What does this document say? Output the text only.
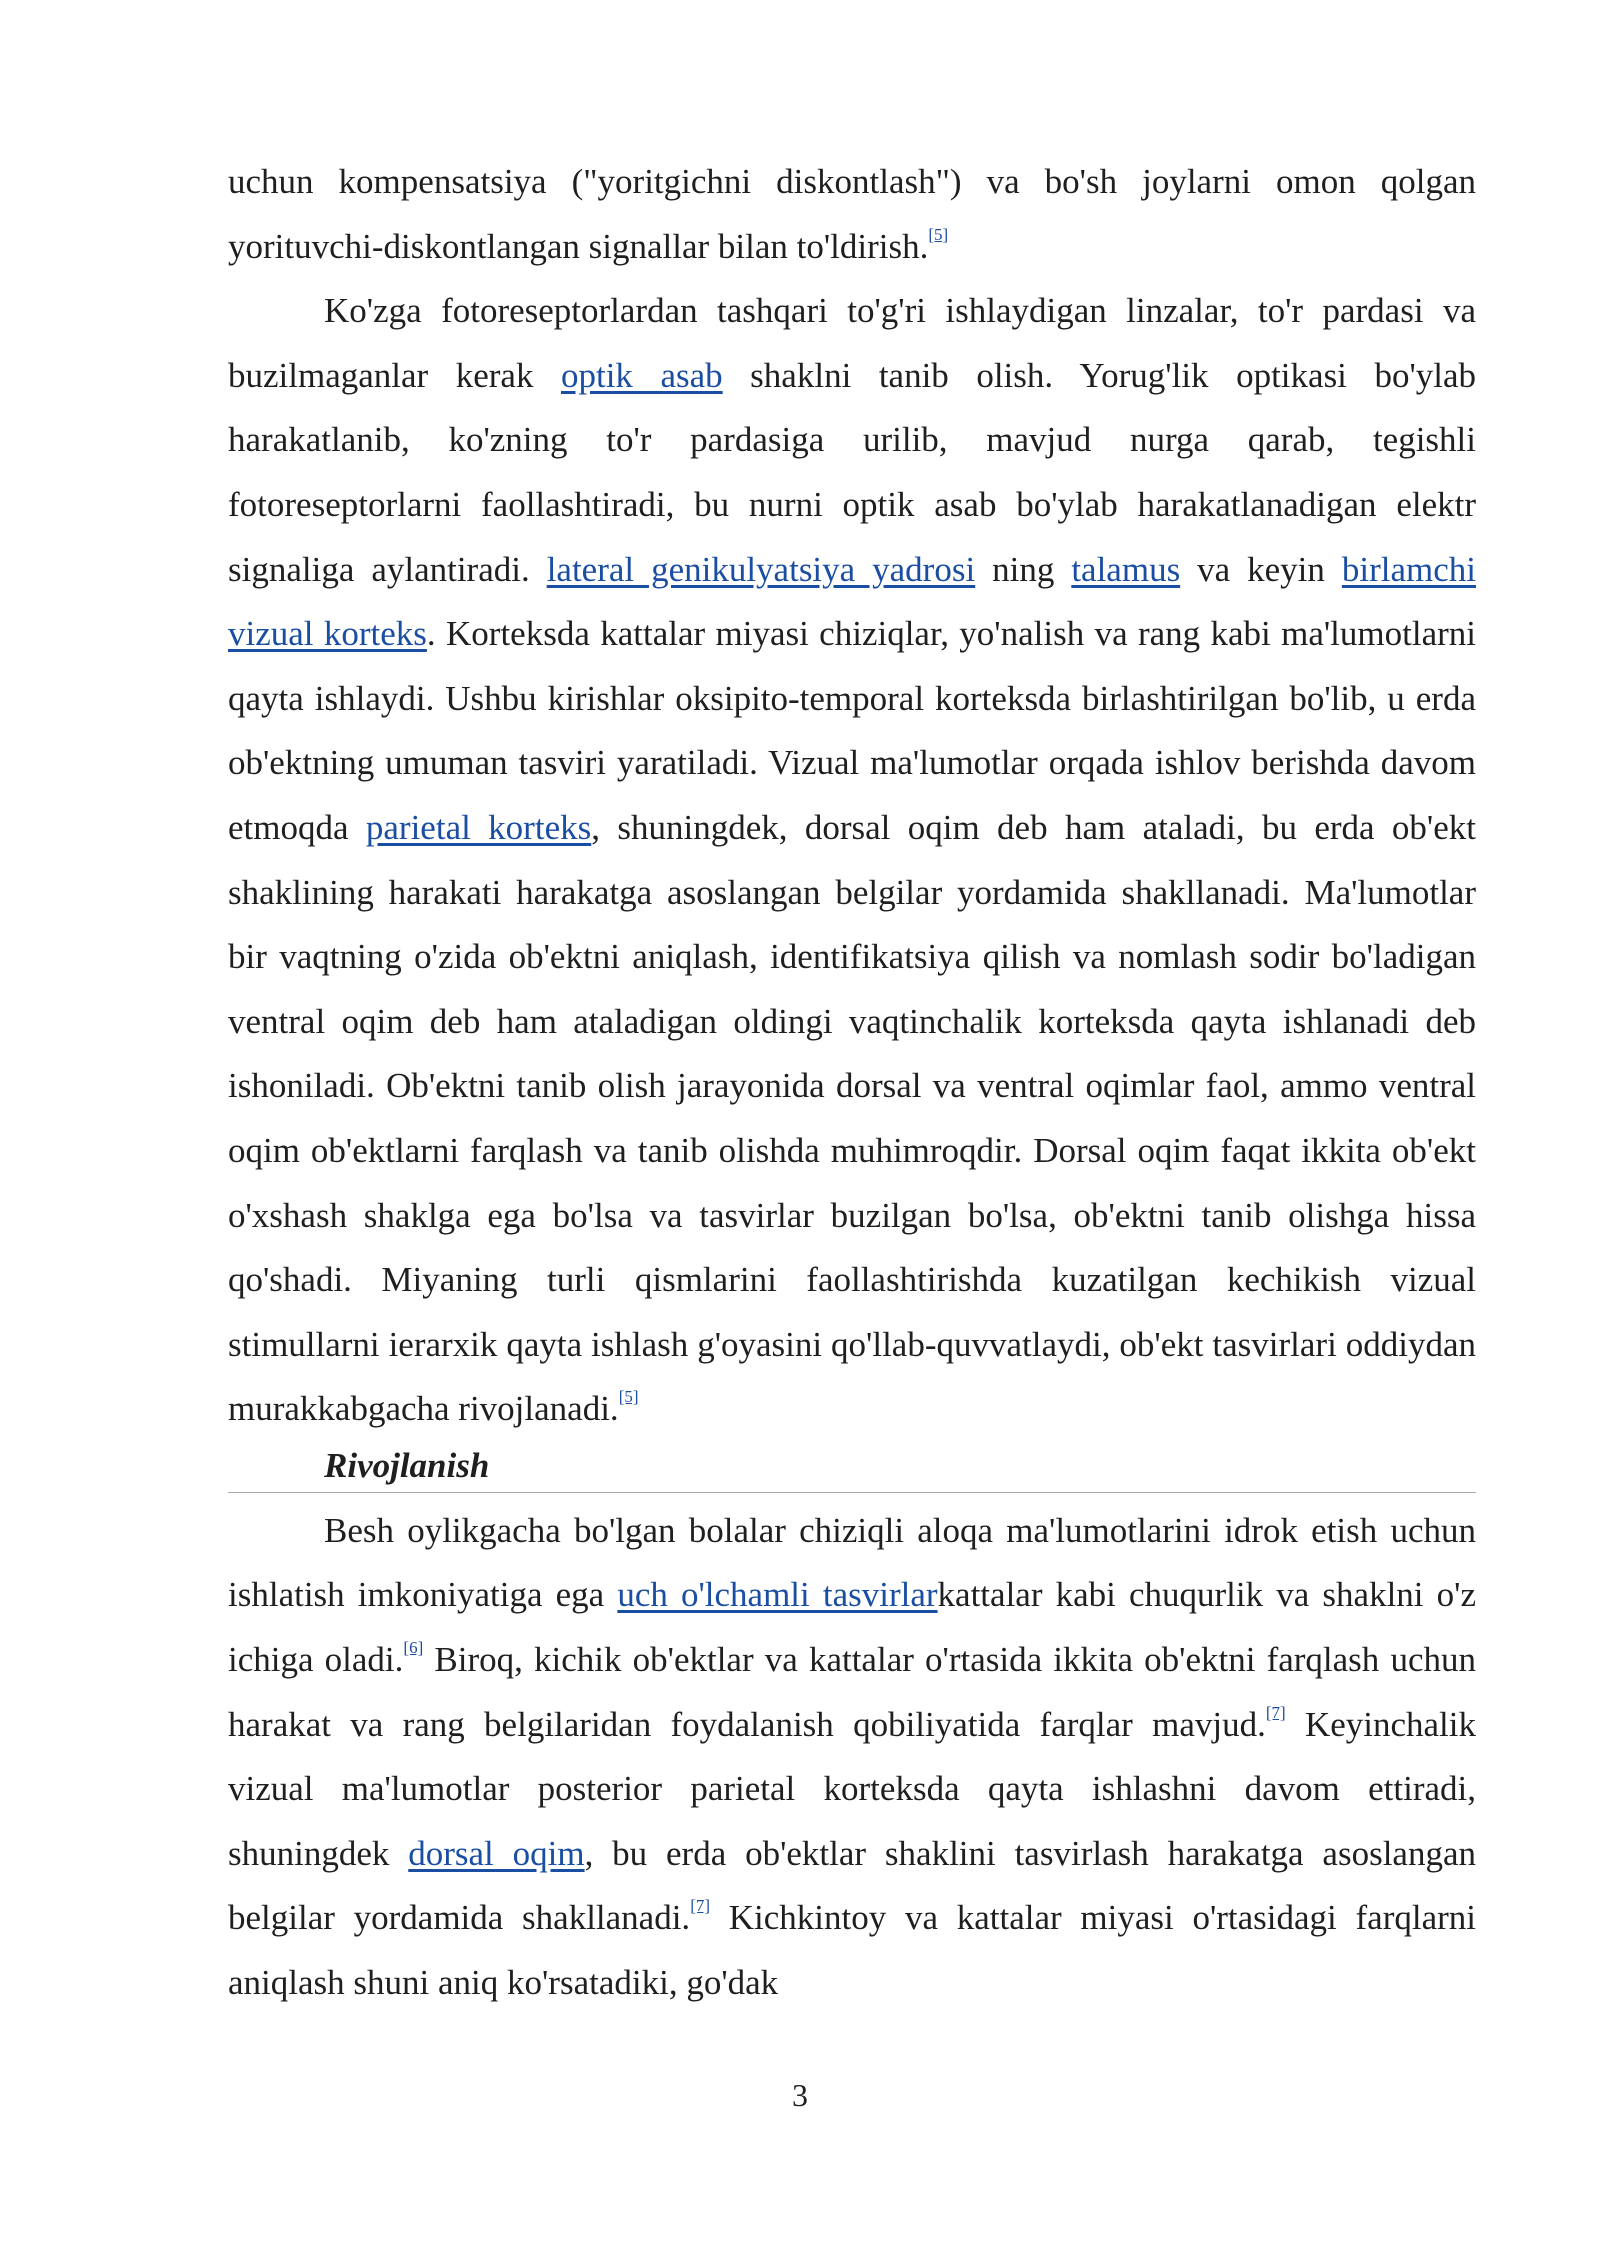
uchun kompensatsiya ("yoritgichni diskontlash") va bo'sh joylarni omon qolgan yorituvchi-diskontlangan signallar bilan to'ldirish.[5]

Ko'zga fotoreseptorlardan tashqari to'g'ri ishlaydigan linzalar, to'r pardasi va buzilmaganlar kerak optik asab shaklni tanib olish. Yorug'lik optikasi bo'ylab harakatlanib, ko'zning to'r pardasiga urilib, mavjud nurga qarab, tegishli fotoreseptorlarni faollashtiradi, bu nurni optik asab bo'ylab harakatlanadigan elektr signaliga aylantiradi. lateral genikulyatsiya yadrosi ning talamus va keyin birlamchi vizual korteks. Korteksda kattalar miyasi chiziqlar, yo'nalish va rang kabi ma'lumotlarni qayta ishlaydi. Ushbu kirishlar oksipito-temporal korteksda birlashtirilgan bo'lib, u erda ob'ektning umuman tasviri yaratiladi. Vizual ma'lumotlar orqada ishlov berishda davom etmoqda parietal korteks, shuningdek, dorsal oqim deb ham ataladi, bu erda ob'ekt shaklining harakati harakatga asoslangan belgilar yordamida shakllanadi. Ma'lumotlar bir vaqtning o'zida ob'ektni aniqlash, identifikatsiya qilish va nomlash sodir bo'ladigan ventral oqim deb ham ataladigan oldingi vaqtinchalik korteksda qayta ishlanadi deb ishoniladi. Ob'ektni tanib olish jarayonida dorsal va ventral oqimlar faol, ammo ventral oqim ob'ektlarni farqlash va tanib olishda muhimroqdir. Dorsal oqim faqat ikkita ob'ekt o'xshash shaklga ega bo'lsa va tasvirlar buzilgan bo'lsa, ob'ektni tanib olishga hissa qo'shadi. Miyaning turli qismlarini faollashtirishda kuzatilgan kechikish vizual stimullarni ierarxik qayta ishlash g'oyasini qo'llab-quvvatlaydi, ob'ekt tasvirlari oddiydan murakkabgacha rivojlanadi.[5]

Rivojlanish

Besh oylikgacha bo'lgan bolalar chiziqli aloqa ma'lumotlarini idrok etish uchun ishlatish imkoniyatiga ega uch o'lchamli tasvirlarkattalar kabi chuqurlik va shaklni o'z ichiga oladi.[6] Biroq, kichik ob'ektlar va kattalar o'rtasida ikkita ob'ektni farqlash uchun harakat va rang belgilaridan foydalanish qobiliyatida farqlar mavjud.[7] Keyinchalik vizual ma'lumotlar posterior parietal korteksda qayta ishlashni davom ettiradi, shuningdek dorsal oqim, bu erda ob'ektlar shaklini tasvirlash harakatga asoslangan belgilar yordamida shakllanadi.[7] Kichkintoy va kattalar miyasi o'rtasidagi farqlarni aniqlash shuni aniq ko'rsatadiki, go'dak

3
